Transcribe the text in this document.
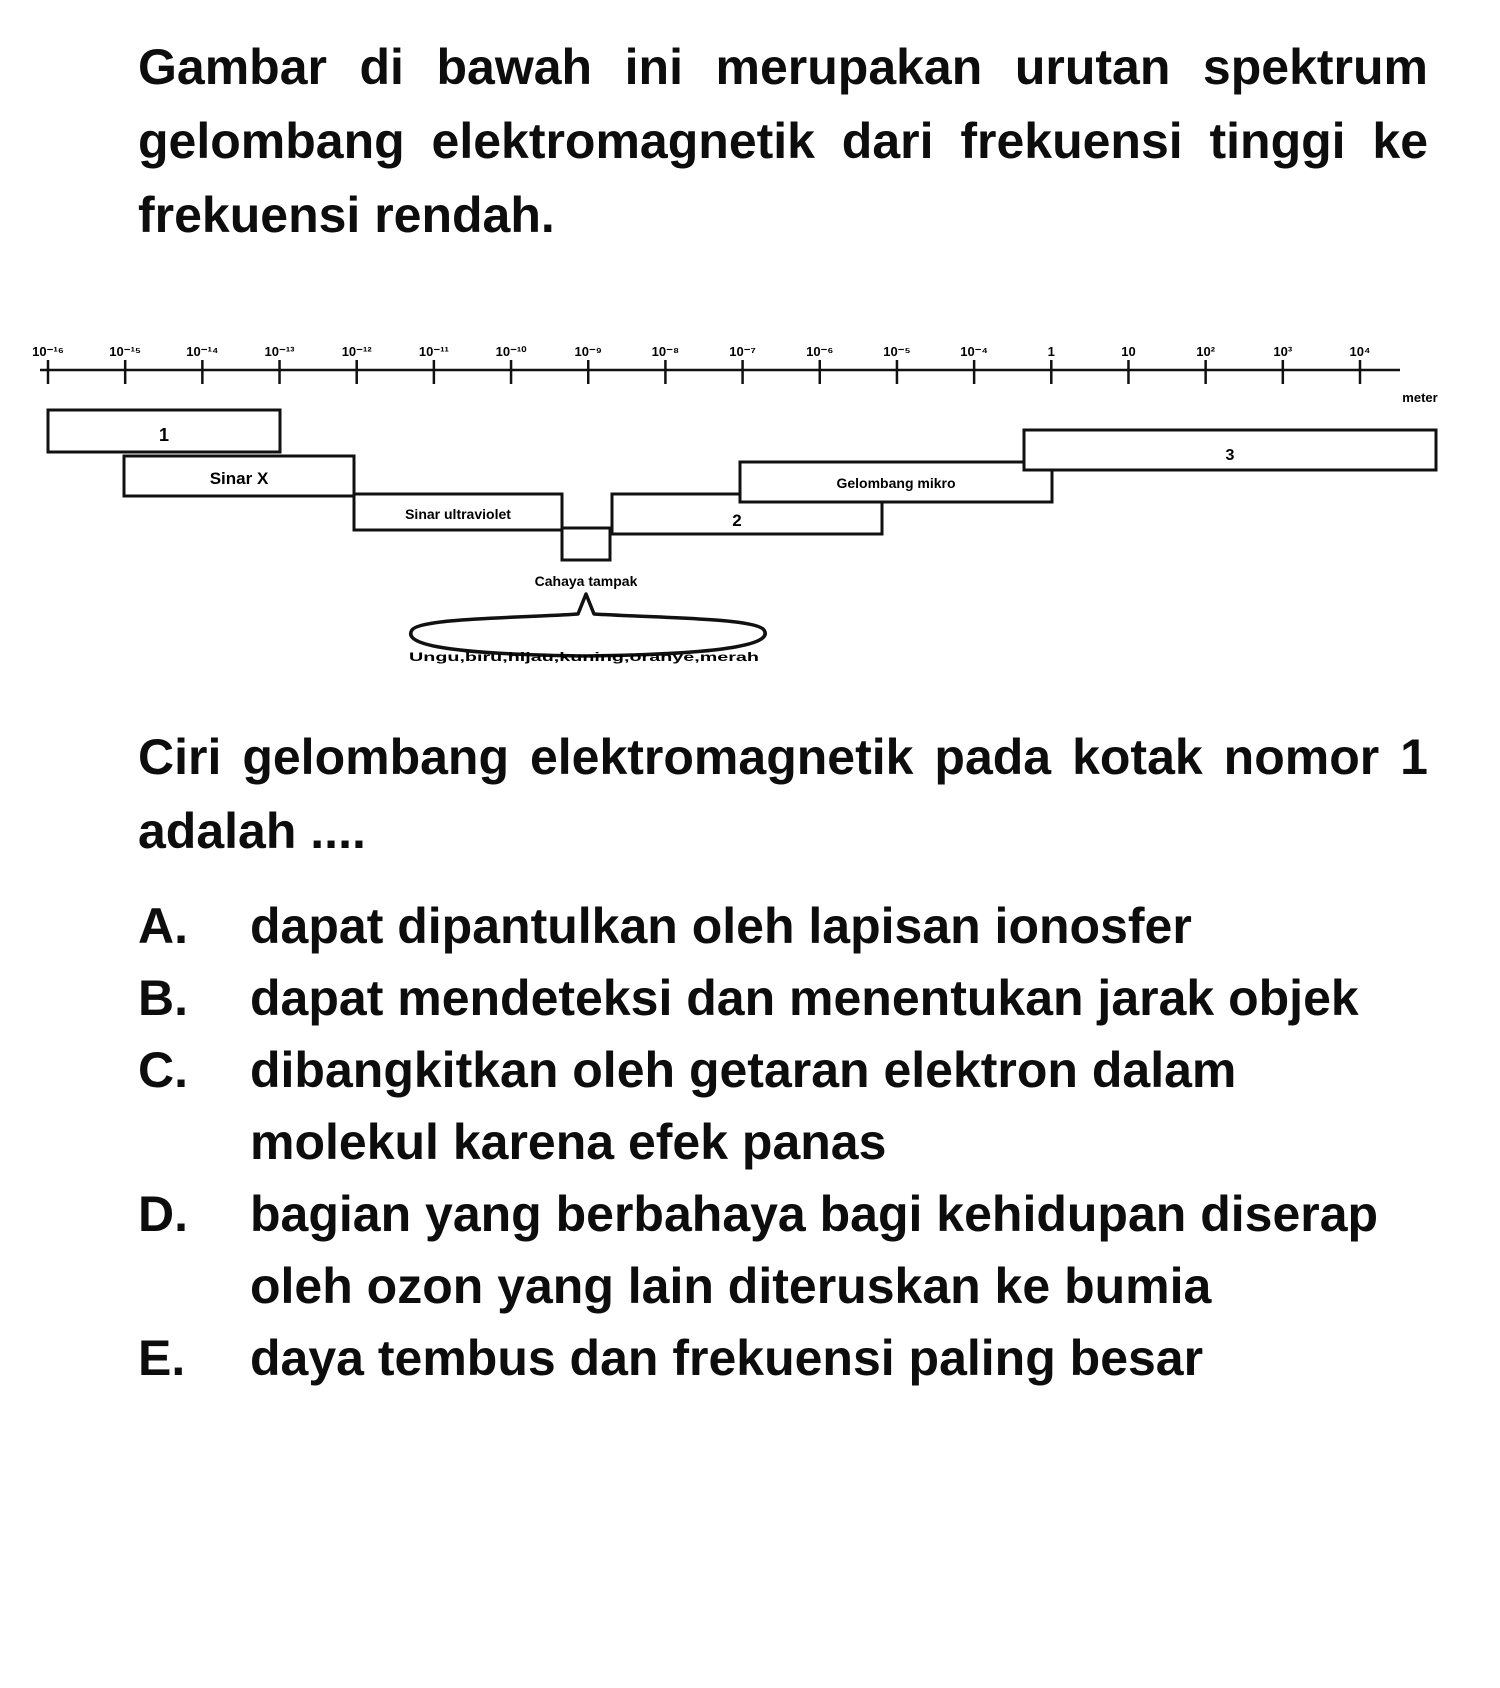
Gambar di bawah ini merupakan urutan spektrum gelombang elektromagnetik dari frekuensi tinggi ke frekuensi rendah.
10⁻¹⁶	10⁻¹⁵	10⁻¹⁴	10⁻¹³	10⁻¹²	10⁻¹¹	10⁻¹⁰	10⁻⁹	10⁻⁸	10⁻⁷	10⁻⁶	10⁻⁵	10⁻⁴	1	10	10²	10³	10⁴
meter
1
Sinar X
Sinar ultraviolet	2
Gelombang mikro
3
Cahaya tampak
Ungu,biru,hijau,kuning,oranye,merah
Ciri gelombang elektromagnetik pada kotak nomor 1 adalah ....
A.	dapat dipantulkan oleh lapisan ionosfer
B.	dapat mendeteksi dan menentukan jarak objek
C.	dibangkitkan oleh getaran elektron dalam molekul karena efek panas
D.	bagian yang berbahaya bagi kehidupan diserap oleh ozon yang lain diteruskan ke bumia
E.	daya tembus dan frekuensi paling besar
